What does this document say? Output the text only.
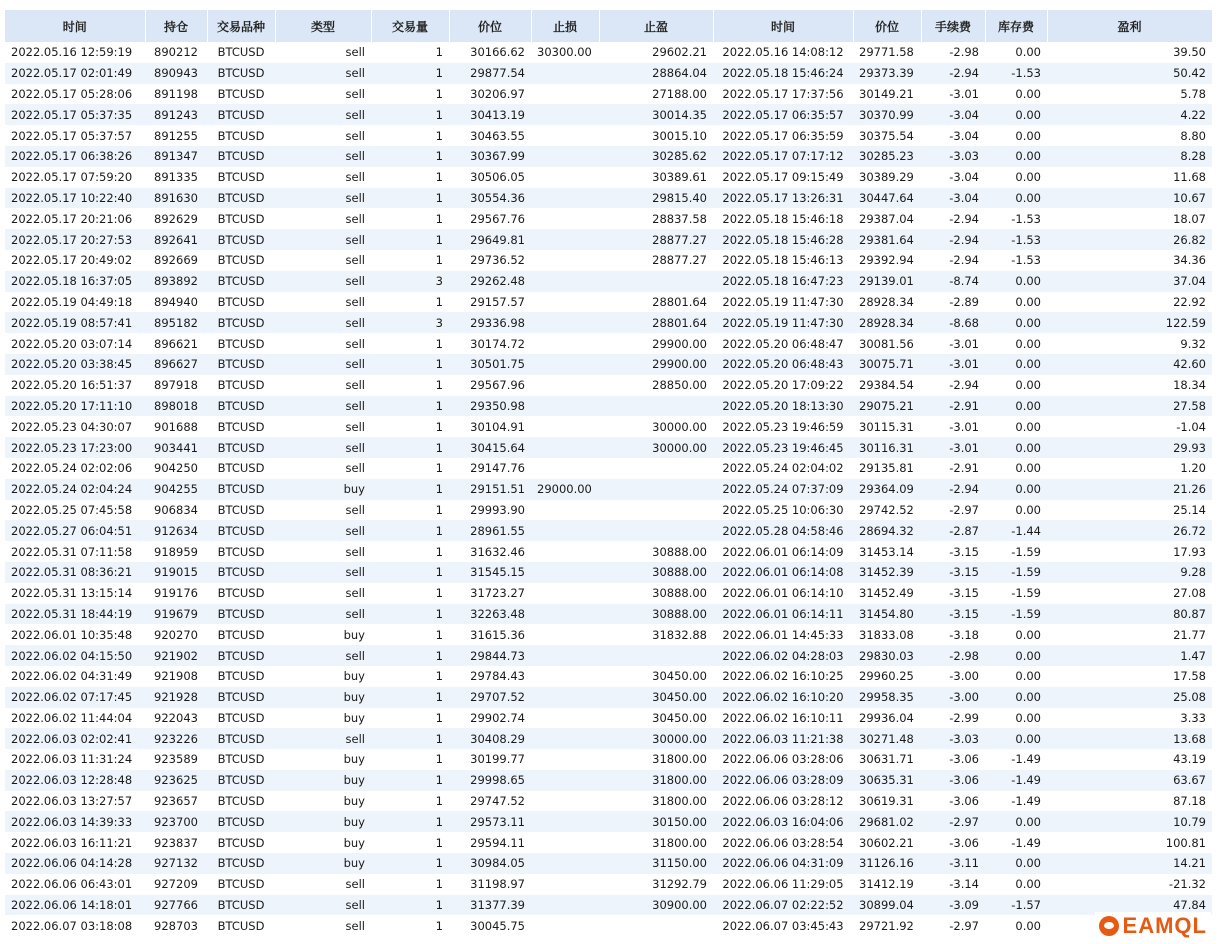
时间	持仓	交易品种	类型	交易量	价位	止损	止盈	时间	价位	手续费	库存费	盈利
2022.05.16 12:59:19	890212	BTCUSD	sell	1	30166.62	30300.00	29602.21	2022.05.16 14:08:12	29771.58	-2.98	0.00	39.50
2022.05.17 02:01:49	890943	BTCUSD	sell	1	29877.54		28864.04	2022.05.18 15:46:24	29373.39	-2.94	-1.53	50.42
2022.05.17 05:28:06	891198	BTCUSD	sell	1	30206.97		27188.00	2022.05.17 17:37:56	30149.21	-3.01	0.00	5.78
2022.05.17 05:37:35	891243	BTCUSD	sell	1	30413.19		30014.35	2022.05.17 06:35:57	30370.99	-3.04	0.00	4.22
2022.05.17 05:37:57	891255	BTCUSD	sell	1	30463.55		30015.10	2022.05.17 06:35:59	30375.54	-3.04	0.00	8.80
2022.05.17 06:38:26	891347	BTCUSD	sell	1	30367.99		30285.62	2022.05.17 07:17:12	30285.23	-3.03	0.00	8.28
2022.05.17 07:59:20	891335	BTCUSD	sell	1	30506.05		30389.61	2022.05.17 09:15:49	30389.29	-3.04	0.00	11.68
2022.05.17 10:22:40	891630	BTCUSD	sell	1	30554.36		29815.40	2022.05.17 13:26:31	30447.64	-3.04	0.00	10.67
2022.05.17 20:21:06	892629	BTCUSD	sell	1	29567.76		28837.58	2022.05.18 15:46:18	29387.04	-2.94	-1.53	18.07
2022.05.17 20:27:53	892641	BTCUSD	sell	1	29649.81		28877.27	2022.05.18 15:46:28	29381.64	-2.94	-1.53	26.82
2022.05.17 20:49:02	892669	BTCUSD	sell	1	29736.52		28877.27	2022.05.18 15:46:13	29392.94	-2.94	-1.53	34.36
2022.05.18 16:37:05	893892	BTCUSD	sell	3	29262.48			2022.05.18 16:47:23	29139.01	-8.74	0.00	37.04
2022.05.19 04:49:18	894940	BTCUSD	sell	1	29157.57		28801.64	2022.05.19 11:47:30	28928.34	-2.89	0.00	22.92
2022.05.19 08:57:41	895182	BTCUSD	sell	3	29336.98		28801.64	2022.05.19 11:47:30	28928.34	-8.68	0.00	122.59
2022.05.20 03:07:14	896621	BTCUSD	sell	1	30174.72		29900.00	2022.05.20 06:48:47	30081.56	-3.01	0.00	9.32
2022.05.20 03:38:45	896627	BTCUSD	sell	1	30501.75		29900.00	2022.05.20 06:48:43	30075.71	-3.01	0.00	42.60
2022.05.20 16:51:37	897918	BTCUSD	sell	1	29567.96		28850.00	2022.05.20 17:09:22	29384.54	-2.94	0.00	18.34
2022.05.20 17:11:10	898018	BTCUSD	sell	1	29350.98			2022.05.20 18:13:30	29075.21	-2.91	0.00	27.58
2022.05.23 04:30:07	901688	BTCUSD	sell	1	30104.91		30000.00	2022.05.23 19:46:59	30115.31	-3.01	0.00	-1.04
2022.05.23 17:23:00	903441	BTCUSD	sell	1	30415.64		30000.00	2022.05.23 19:46:45	30116.31	-3.01	0.00	29.93
2022.05.24 02:02:06	904250	BTCUSD	sell	1	29147.76			2022.05.24 02:04:02	29135.81	-2.91	0.00	1.20
2022.05.24 02:04:24	904255	BTCUSD	buy	1	29151.51	29000.00		2022.05.24 07:37:09	29364.09	-2.94	0.00	21.26
2022.05.25 07:45:58	906834	BTCUSD	sell	1	29993.90			2022.05.25 10:06:30	29742.52	-2.97	0.00	25.14
2022.05.27 06:04:51	912634	BTCUSD	sell	1	28961.55			2022.05.28 04:58:46	28694.32	-2.87	-1.44	26.72
2022.05.31 07:11:58	918959	BTCUSD	sell	1	31632.46		30888.00	2022.06.01 06:14:09	31453.14	-3.15	-1.59	17.93
2022.05.31 08:36:21	919015	BTCUSD	sell	1	31545.15		30888.00	2022.06.01 06:14:08	31452.39	-3.15	-1.59	9.28
2022.05.31 13:15:14	919176	BTCUSD	sell	1	31723.27		30888.00	2022.06.01 06:14:10	31452.49	-3.15	-1.59	27.08
2022.05.31 18:44:19	919679	BTCUSD	sell	1	32263.48		30888.00	2022.06.01 06:14:11	31454.80	-3.15	-1.59	80.87
2022.06.01 10:35:48	920270	BTCUSD	buy	1	31615.36		31832.88	2022.06.01 14:45:33	31833.08	-3.18	0.00	21.77
2022.06.02 04:15:50	921902	BTCUSD	sell	1	29844.73			2022.06.02 04:28:03	29830.03	-2.98	0.00	1.47
2022.06.02 04:31:49	921908	BTCUSD	buy	1	29784.43		30450.00	2022.06.02 16:10:25	29960.25	-3.00	0.00	17.58
2022.06.02 07:17:45	921928	BTCUSD	buy	1	29707.52		30450.00	2022.06.02 16:10:20	29958.35	-3.00	0.00	25.08
2022.06.02 11:44:04	922043	BTCUSD	buy	1	29902.74		30450.00	2022.06.02 16:10:11	29936.04	-2.99	0.00	3.33
2022.06.03 02:02:41	923226	BTCUSD	sell	1	30408.29		30000.00	2022.06.03 11:21:38	30271.48	-3.03	0.00	13.68
2022.06.03 11:31:24	923589	BTCUSD	buy	1	30199.77		31800.00	2022.06.06 03:28:06	30631.71	-3.06	-1.49	43.19
2022.06.03 12:28:48	923625	BTCUSD	buy	1	29998.65		31800.00	2022.06.06 03:28:09	30635.31	-3.06	-1.49	63.67
2022.06.03 13:27:57	923657	BTCUSD	buy	1	29747.52		31800.00	2022.06.06 03:28:12	30619.31	-3.06	-1.49	87.18
2022.06.03 14:39:33	923700	BTCUSD	buy	1	29573.11		30150.00	2022.06.03 16:04:06	29681.02	-2.97	0.00	10.79
2022.06.03 16:11:21	923837	BTCUSD	buy	1	29594.11		31800.00	2022.06.06 03:28:54	30602.21	-3.06	-1.49	100.81
2022.06.06 04:14:28	927132	BTCUSD	buy	1	30984.05		31150.00	2022.06.06 04:31:09	31126.16	-3.11	0.00	14.21
2022.06.06 06:43:01	927209	BTCUSD	sell	1	31198.97		31292.79	2022.06.06 11:29:05	31412.19	-3.14	0.00	-21.32
2022.06.06 14:18:01	927766	BTCUSD	sell	1	31377.39		30900.00	2022.06.07 02:22:52	30899.04	-3.09	-1.57	47.84
2022.06.07 03:18:08	928703	BTCUSD	sell	1	30045.75			2022.06.07 03:45:43	29721.92	-2.97	0.00		EAMQL
